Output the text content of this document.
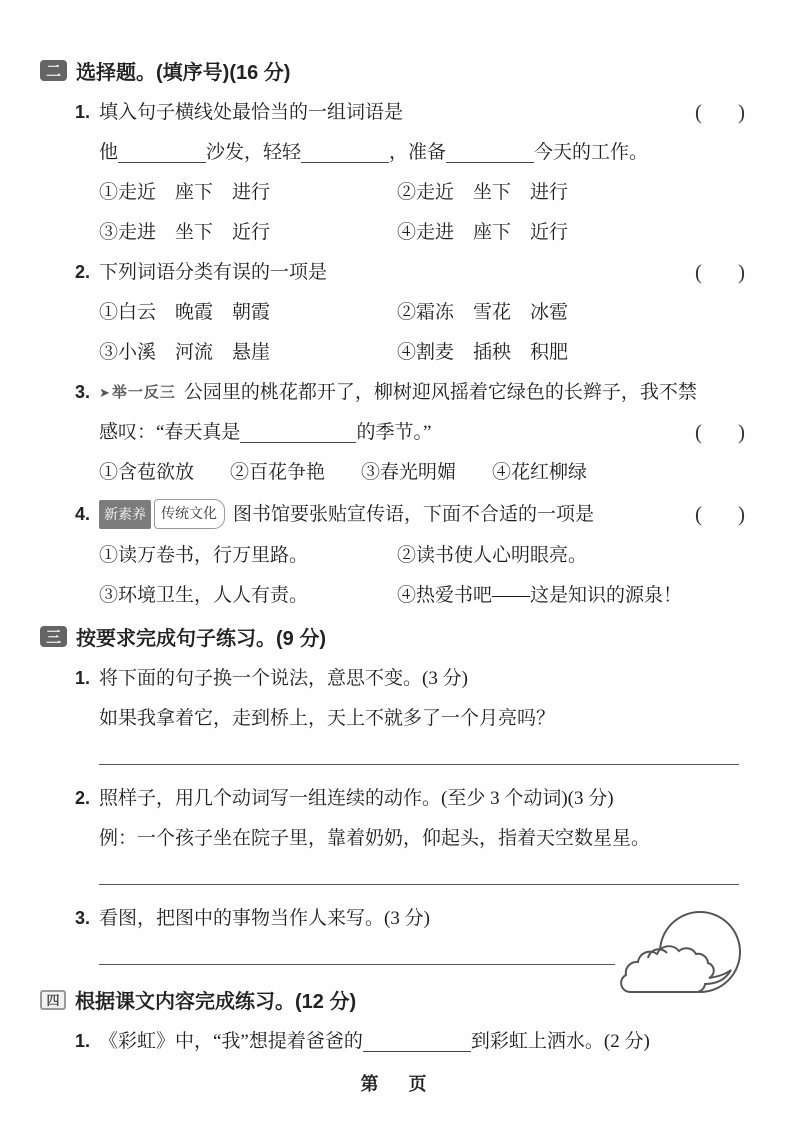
二 选择题。(填序号)(16 分)
1. 填入句子横线处最恰当的一组词语是	( )
他	沙发，轻轻	，准备	今天的工作。
①走近　座下　进行	②走近　坐下　进行
③走进　坐下　近行	④走进　座下　近行
2. 下列词语分类有误的一项是	( )
①白云　晚霞　朝霞	②霜冻　雪花　冰雹
③小溪　河流　悬崖	④割麦　插秧　积肥
3. ➤ 举一反三 公园里的桃花都开了，柳树迎风摇着它绿色的长辫子，我不禁
感叹：“春天真是	的季节。”	( )
①含苞欲放 ②百花争艳 ③春光明媚 ④花红柳绿
4. 新素养	传统文化 图书馆要张贴宣传语，下面不合适的一项是	( )
①读万卷书，行万里路。	②读书使人心明眼亮。
③环境卫生，人人有责。	④热爱书吧——这是知识的源泉！
三 按要求完成句子练习。(9 分)
1. 将下面的句子换一个说法，意思不变。(3 分)
如果我拿着它，走到桥上，天上不就多了一个月亮吗？
2. 照样子，用几个动词写一组连续的动作。(至少 3 个动词)(3 分)
例：一个孩子坐在院子里，靠着奶奶，仰起头，指着天空数星星。
3. 看图，把图中的事物当作人来写。(3 分)
四 根据课文内容完成练习。(12 分)
1. 《彩虹》中，“我”想提着爸爸的	到彩虹上洒水。(2 分)
第　页
